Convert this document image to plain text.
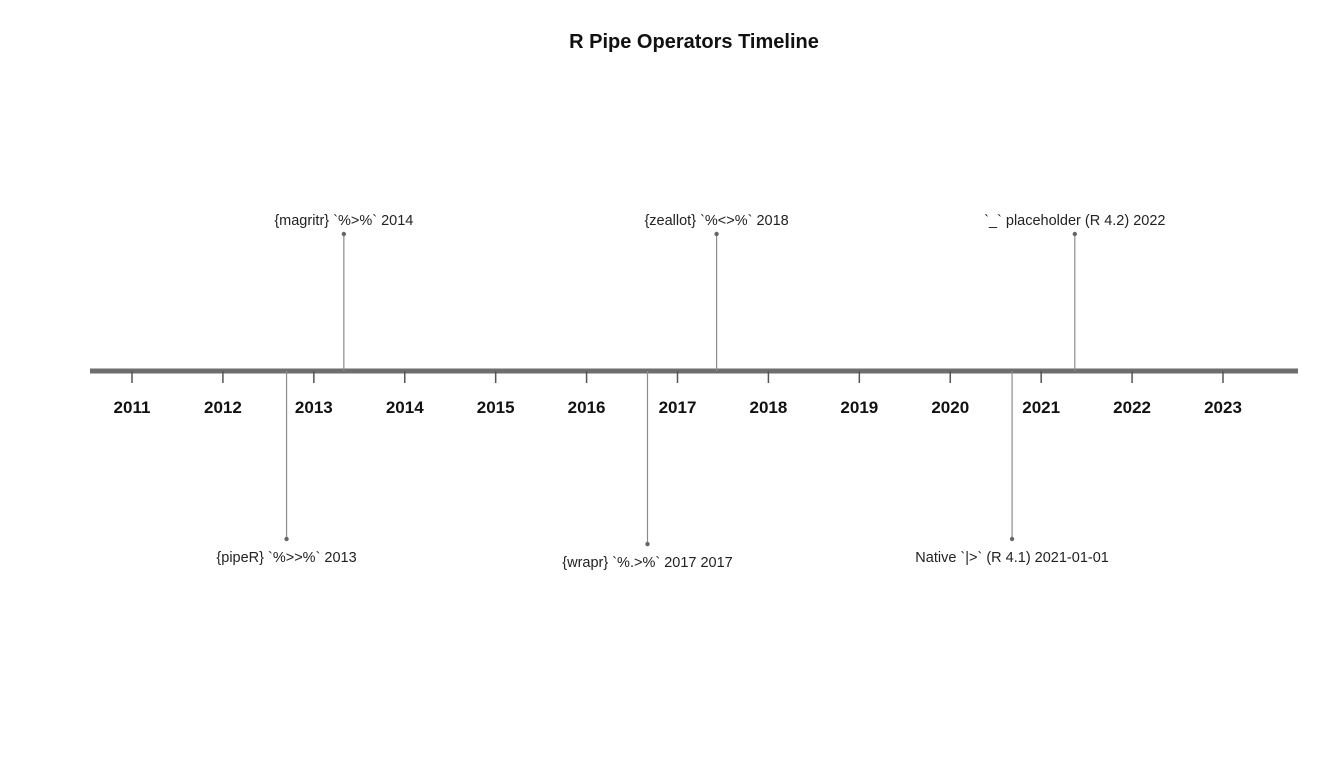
R Pipe Operators Timeline
2011	2012	2013	2014	2015	2016	2017	2018	2019	2020	2021	2022	2023
{pipeR} `%>>%` 2013
{magritr} `%>%` 2014
{wrapr} `%.>%` 2017 2017
{zeallot} `%<>%` 2018
Native `|>` (R 4.1) 2021-01-01
`_` placeholder (R 4.2) 2022
